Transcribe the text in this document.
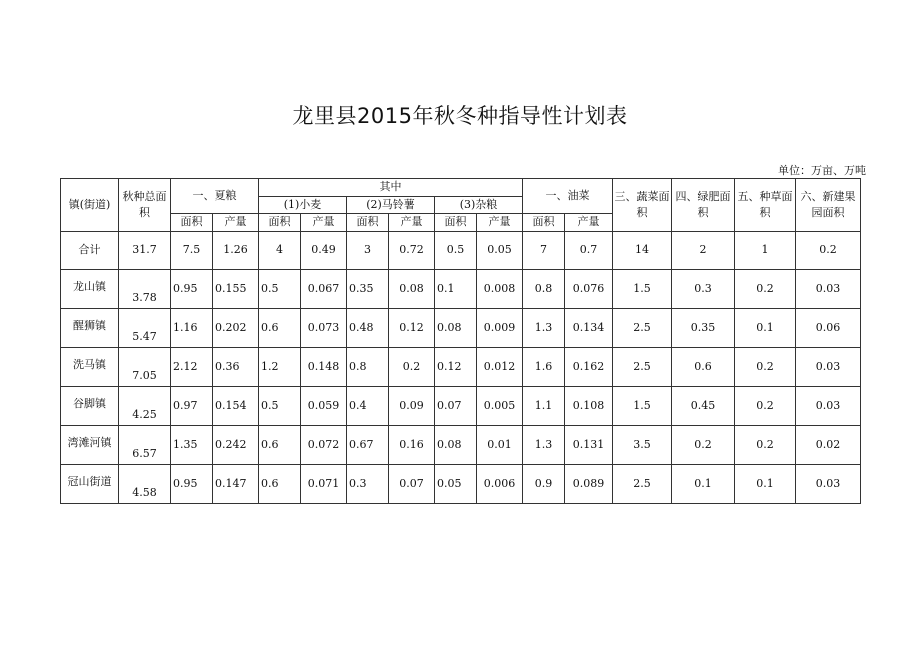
龙里县2015年秋冬种指导性计划表
单位：万亩、万吨
镇(街道)	秋种总面积	一、夏粮		其中						一、油菜		三、蔬菜面积	四、绿肥面积	五、种草面积	六、新建果园面积
				(1)小麦		(2)马铃薯		(3)杂粮							
		面积	产量	面积	产量	面积	产量	面积	产量	面积	产量				
合计	31.7	7.5	1.26	4	0.49	3	0.72	0.5	0.05	7	0.7	14	2	1	0.2

龙山镇	3.78	0.95	0.155	0.5	0.067	0.35	0.08	0.1	0.008	0.8	0.076	1.5	0.3	0.2	0.03

醒狮镇	5.47	1.16	0.202	0.6	0.073	0.48	0.12	0.08	0.009	1.3	0.134	2.5	0.35	0.1	0.06

洗马镇	7.05	2.12	0.36	1.2	0.148	0.8	0.2	0.12	0.012	1.6	0.162	2.5	0.6	0.2	0.03

谷脚镇	4.25	0.97	0.154	0.5	0.059	0.4	0.09	0.07	0.005	1.1	0.108	1.5	0.45	0.2	0.03

湾滩河镇	6.57	1.35	0.242	0.6	0.072	0.67	0.16	0.08	0.01	1.3	0.131	3.5	0.2	0.2	0.02

冠山街道	4.58	0.95	0.147	0.6	0.071	0.3	0.07	0.05	0.006	0.9	0.089	2.5	0.1	0.1	0.03
